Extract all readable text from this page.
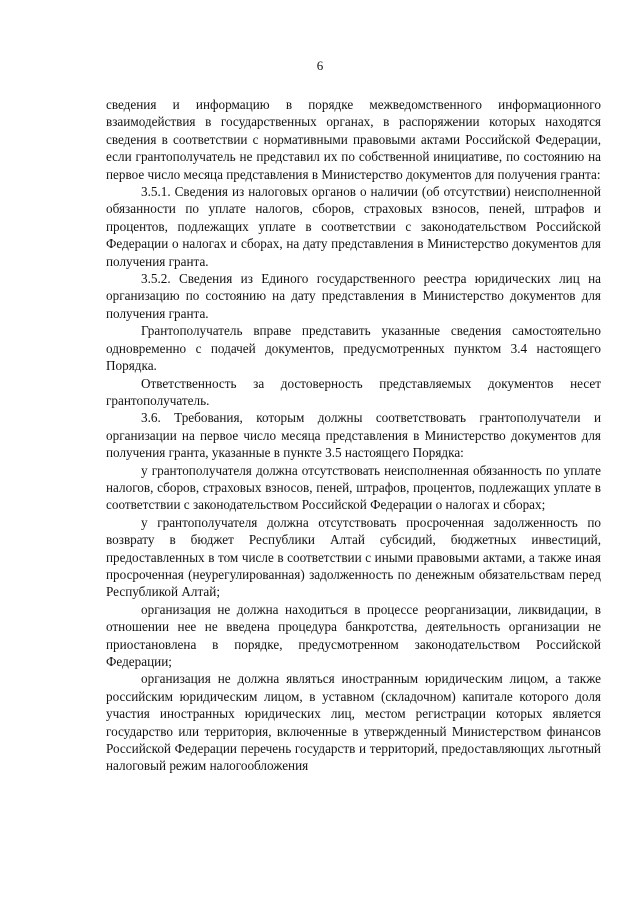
6

сведения и информацию в порядке межведомственного информационного взаимодействия в государственных органах, в распоряжении которых находятся сведения в соответствии с нормативными правовыми актами Российской Федерации, если грантополучатель не представил их по собственной инициативе, по состоянию на первое число месяца представления в Министерство документов для получения гранта:

3.5.1. Сведения из налоговых органов о наличии (об отсутствии) неисполненной обязанности по уплате налогов, сборов, страховых взносов, пеней, штрафов и процентов, подлежащих уплате в соответствии с законодательством Российской Федерации о налогах и сборах, на дату представления в Министерство документов для получения гранта.

3.5.2. Сведения из Единого государственного реестра юридических лиц на организацию по состоянию на дату представления в Министерство документов для получения гранта.

Грантополучатель вправе представить указанные сведения самостоятельно одновременно с подачей документов, предусмотренных пунктом 3.4 настоящего Порядка.

Ответственность за достоверность представляемых документов несет грантополучатель.

3.6. Требования, которым должны соответствовать грантополучатели и организации на первое число месяца представления в Министерство документов для получения гранта, указанные в пункте 3.5 настоящего Порядка:

у грантополучателя должна отсутствовать неисполненная обязанность по уплате налогов, сборов, страховых взносов, пеней, штрафов, процентов, подлежащих уплате в соответствии с законодательством Российской Федерации о налогах и сборах;

у грантополучателя должна отсутствовать просроченная задолженность по возврату в бюджет Республики Алтай субсидий, бюджетных инвестиций, предоставленных в том числе в соответствии с иными правовыми актами, а также иная просроченная (неурегулированная) задолженность по денежным обязательствам перед Республикой Алтай;

организация не должна находиться в процессе реорганизации, ликвидации, в отношении нее не введена процедура банкротства, деятельность организации не приостановлена в порядке, предусмотренном законодательством Российской Федерации;

организация не должна являться иностранным юридическим лицом, а также российским юридическим лицом, в уставном (складочном) капитале которого доля участия иностранных юридических лиц, местом регистрации которых является государство или территория, включенные в утвержденный Министерством финансов Российской Федерации перечень государств и территорий, предоставляющих льготный налоговый режим налогообложения
